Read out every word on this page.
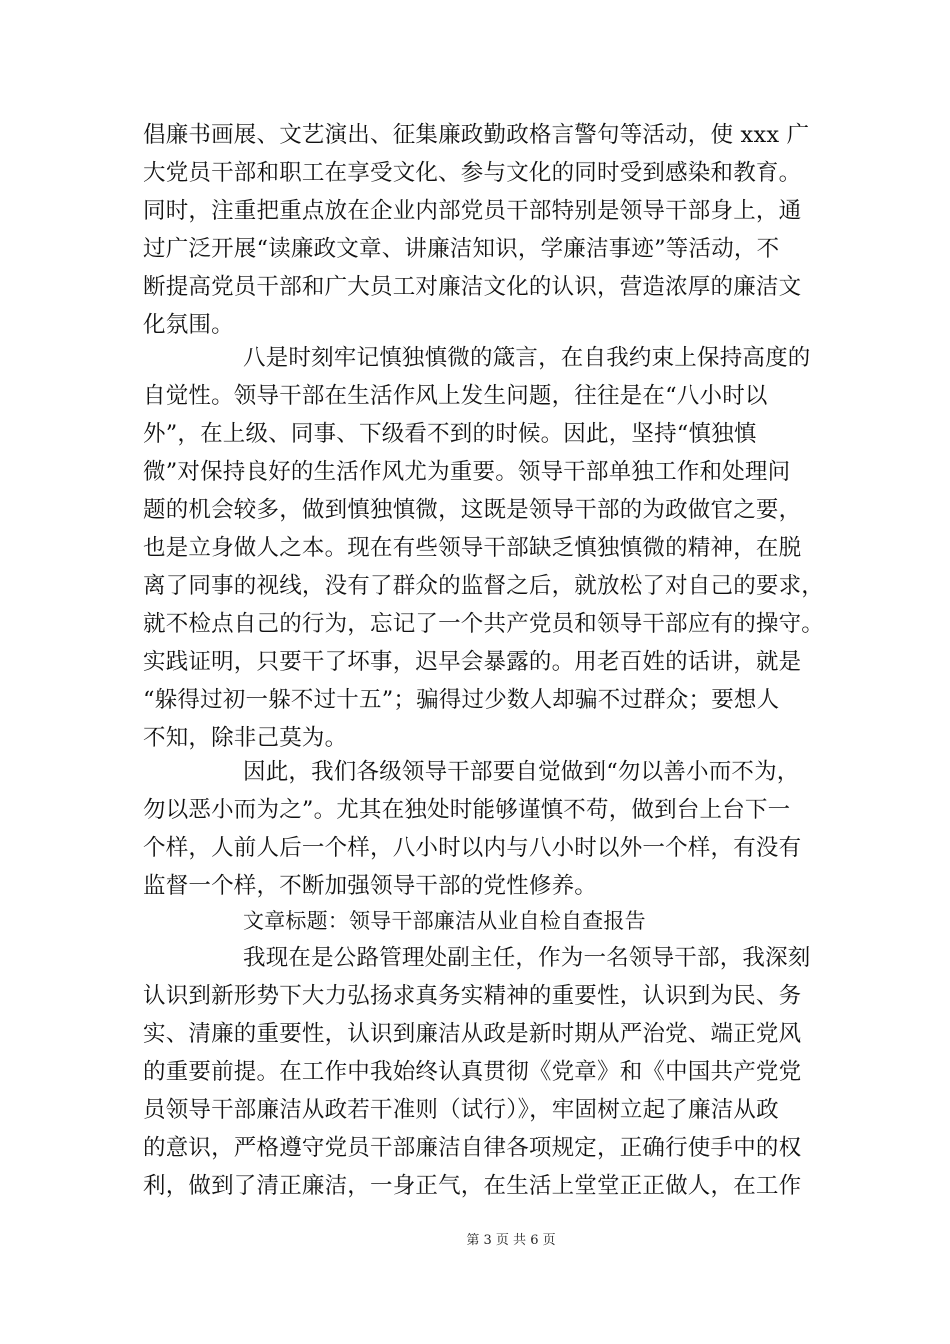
倡廉书画展、文艺演出、征集廉政勤政格言警句等活动，使 xxx 广
大党员干部和职工在享受文化、参与文化的同时受到感染和教育。
同时，注重把重点放在企业内部党员干部特别是领导干部身上，通
过广泛开展“读廉政文章、讲廉洁知识，学廉洁事迹”等活动，不
断提高党员干部和广大员工对廉洁文化的认识，营造浓厚的廉洁文
化氛围。
八是时刻牢记慎独慎微的箴言，在自我约束上保持高度的
自觉性。领导干部在生活作风上发生问题，往往是在“八小时以
外”，在上级、同事、下级看不到的时候。因此，坚持“慎独慎
微”对保持良好的生活作风尤为重要。领导干部单独工作和处理问
题的机会较多，做到慎独慎微，这既是领导干部的为政做官之要，
也是立身做人之本。现在有些领导干部缺乏慎独慎微的精神，在脱
离了同事的视线，没有了群众的监督之后，就放松了对自己的要求，
就不检点自己的行为，忘记了一个共产党员和领导干部应有的操守。
实践证明，只要干了坏事，迟早会暴露的。用老百姓的话讲，就是
“躲得过初一躲不过十五”；骗得过少数人却骗不过群众；要想人
不知，除非己莫为。
因此，我们各级领导干部要自觉做到“勿以善小而不为，
勿以恶小而为之”。尤其在独处时能够谨慎不苟，做到台上台下一
个样，人前人后一个样，八小时以内与八小时以外一个样，有没有
监督一个样，不断加强领导干部的党性修养。
文章标题：领导干部廉洁从业自检自查报告
我现在是公路管理处副主任，作为一名领导干部，我深刻
认识到新形势下大力弘扬求真务实精神的重要性，认识到为民、务
实、清廉的重要性，认识到廉洁从政是新时期从严治党、端正党风
的重要前提。在工作中我始终认真贯彻《党章》和《中国共产党党
员领导干部廉洁从政若干准则（试行）》，牢固树立起了廉洁从政
的意识，严格遵守党员干部廉洁自律各项规定，正确行使手中的权
利，做到了清正廉洁，一身正气，在生活上堂堂正正做人，在工作
第 3 页 共 6 页
